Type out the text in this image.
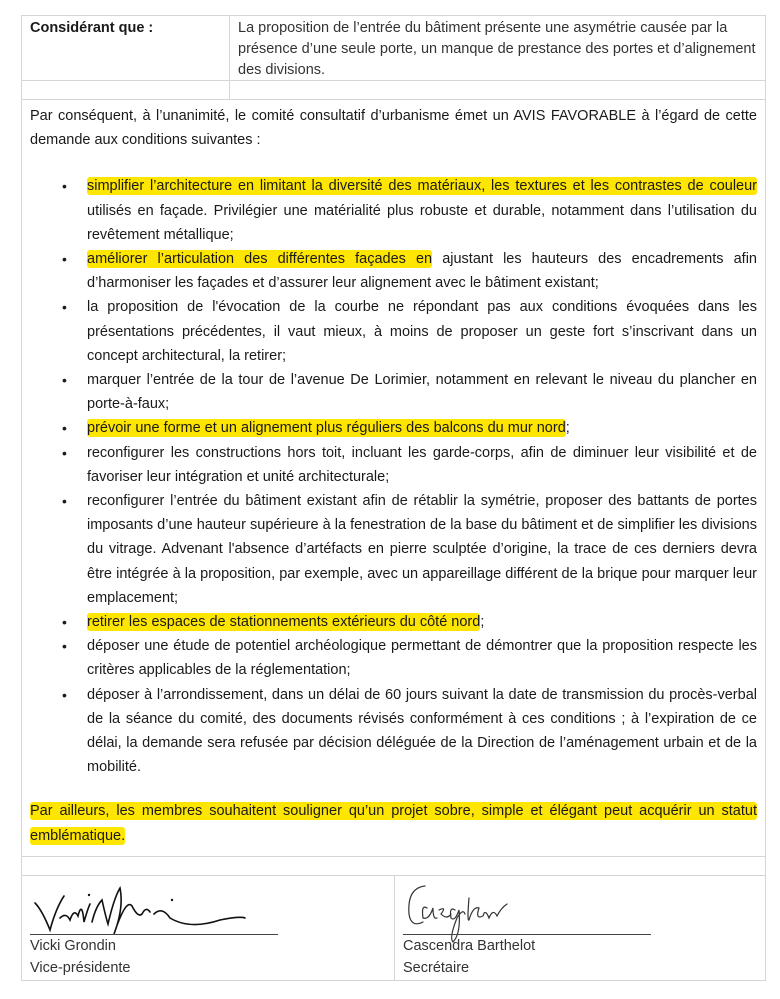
Considérant que :	La proposition de l’entrée du bâtiment présente une asymétrie causée par la présence d’une seule porte, un manque de prestance des portes et d’alignement des divisions.

Par conséquent, à l’unanimité, le comité consultatif d’urbanisme émet un AVIS FAVORABLE à l’égard de cette demande aux conditions suivantes :

• simplifier l’architecture en limitant la diversité des matériaux, les textures et les contrastes de couleur utilisés en façade. Privilégier une matérialité plus robuste et durable, notamment dans l’utilisation du revêtement métallique;
• améliorer l’articulation des différentes façades en ajustant les hauteurs des encadrements afin d’harmoniser les façades et d’assurer leur alignement avec le bâtiment existant;
• la proposition de l'évocation de la courbe ne répondant pas aux conditions évoquées dans les présentations précédentes, il vaut mieux, à moins de proposer un geste fort s’inscrivant dans un concept architectural, la retirer;
• marquer l’entrée de la tour de l’avenue De Lorimier, notamment en relevant le niveau du plancher en porte-à-faux;
• prévoir une forme et un alignement plus réguliers des balcons du mur nord;
• reconfigurer les constructions hors toit, incluant les garde-corps, afin de diminuer leur visibilité et de favoriser leur intégration et unité architecturale;
• reconfigurer l’entrée du bâtiment existant afin de rétablir la symétrie, proposer des battants de portes imposants d’une hauteur supérieure à la fenestration de la base du bâtiment et de simplifier les divisions du vitrage. Advenant l'absence d’artéfacts en pierre sculptée d’origine, la trace de ces derniers devra être intégrée à la proposition, par exemple, avec un appareillage différent de la brique pour marquer leur emplacement;
• retirer les espaces de stationnements extérieurs du côté nord;
• déposer une étude de potentiel archéologique permettant de démontrer que la proposition respecte les critères applicables de la réglementation;
• déposer à l’arrondissement, dans un délai de 60 jours suivant la date de transmission du procès-verbal de la séance du comité, des documents révisés conformément à ces conditions ; à l’expiration de ce délai, la demande sera refusée par décision déléguée de la Direction de l’aménagement urbain et de la mobilité.

Par ailleurs, les membres souhaitent souligner qu’un projet sobre, simple et élégant peut acquérir un statut emblématique.

Vicki Grondin
Vice-présidente
Cascendra Barthelot
Secrétaire
